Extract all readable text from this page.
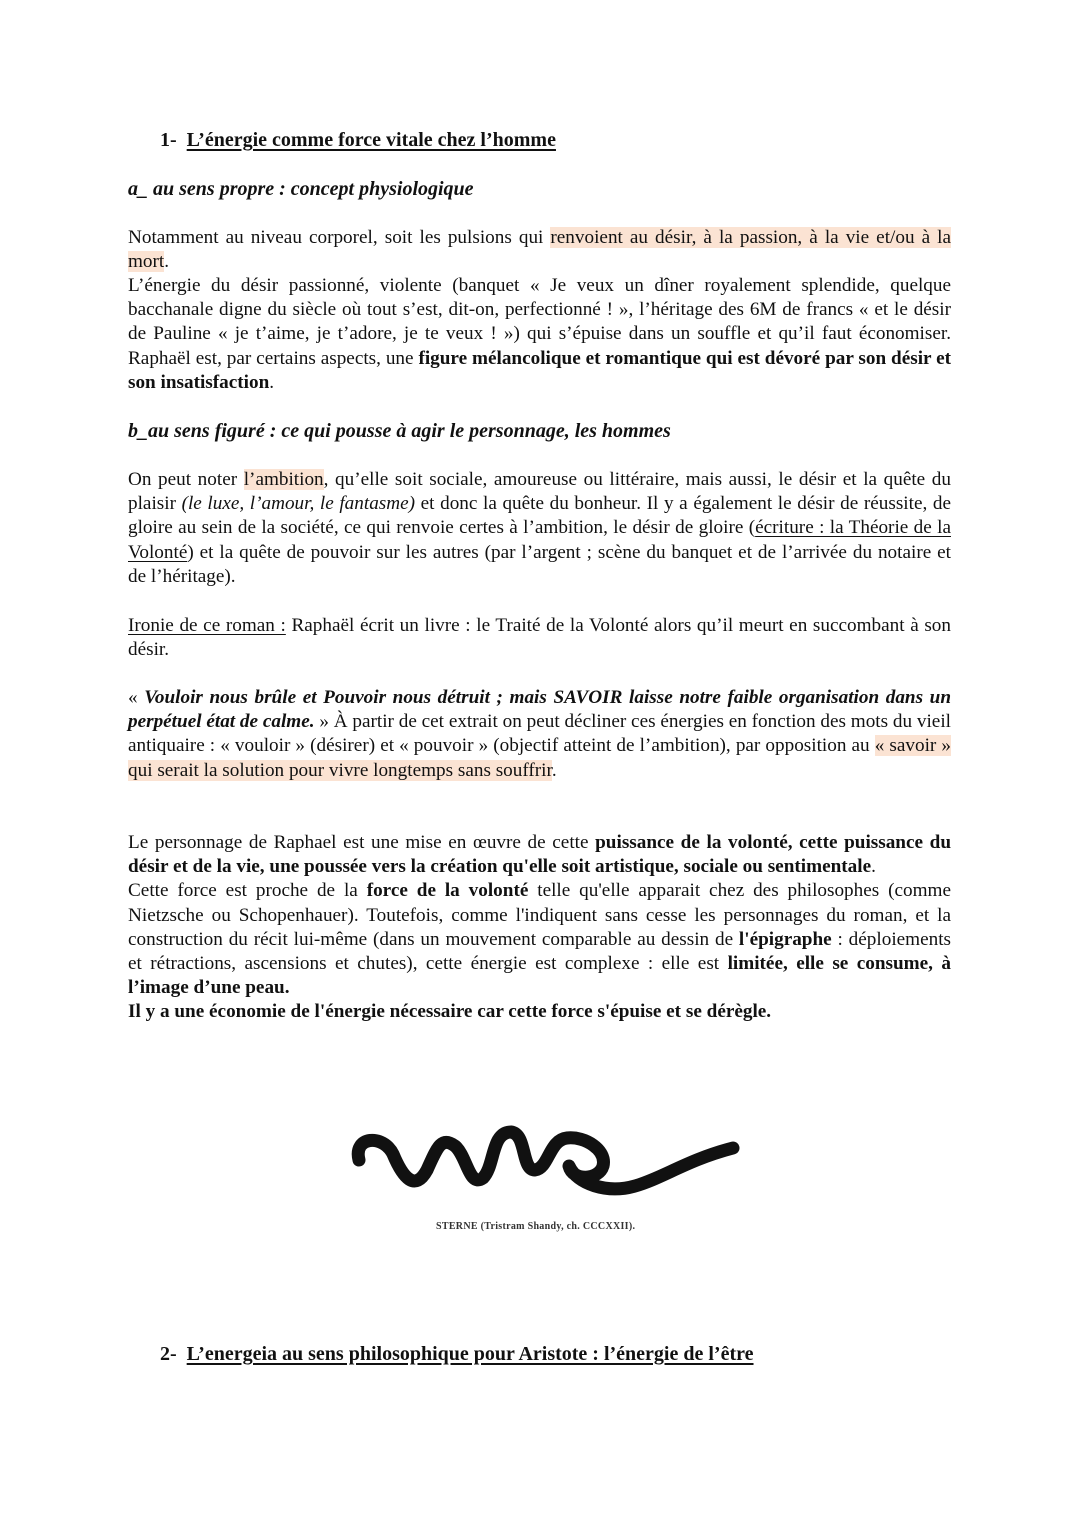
1- L’énergie comme force vitale chez l’homme
a_ au sens propre : concept physiologique
Notamment au niveau corporel, soit les pulsions qui renvoient au désir, à la passion, à la vie et/ou à la mort.
L’énergie du désir passionné, violente (banquet « Je veux un dîner royalement splendide, quelque bacchanale digne du siècle où tout s’est, dit-on, perfectionné ! », l’héritage des 6M de francs « et le désir de Pauline « je t’aime, je t’adore, je te veux ! ») qui s’épuise dans un souffle et qu’il faut économiser. Raphaël est, par certains aspects, une figure mélancolique et romantique qui est dévoré par son désir et son insatisfaction.
b_au sens figuré : ce qui pousse à agir le personnage, les hommes
On peut noter l’ambition, qu’elle soit sociale, amoureuse ou littéraire, mais aussi, le désir et la quête du plaisir (le luxe, l’amour, le fantasme) et donc la quête du bonheur. Il y a également le désir de réussite, de gloire au sein de la société, ce qui renvoie certes à l’ambition, le désir de gloire (écriture : la Théorie de la Volonté) et la quête de pouvoir sur les autres (par l’argent ; scène du banquet et de l’arrivée du notaire et de l’héritage).
Ironie de ce roman : Raphaël écrit un livre : le Traité de la Volonté alors qu’il meurt en succombant à son désir.
« Vouloir nous brûle et Pouvoir nous détruit ; mais SAVOIR laisse notre faible organisation dans un perpétuel état de calme. » À partir de cet extrait on peut décliner ces énergies en fonction des mots du vieil antiquaire : « vouloir » (désirer) et « pouvoir » (objectif atteint de l’ambition), par opposition au « savoir » qui serait la solution pour vivre longtemps sans souffrir.
Le personnage de Raphael est une mise en œuvre de cette puissance de la volonté, cette puissance du désir et de la vie, une poussée vers la création qu'elle soit artistique, sociale ou sentimentale.
Cette force est proche de la force de la volonté telle qu'elle apparait chez des philosophes (comme Nietzsche ou Schopenhauer). Toutefois, comme l'indiquent sans cesse les personnages du roman, et la construction du récit lui-même (dans un mouvement comparable au dessin de l'épigraphe : déploiements et rétractions, ascensions et chutes), cette énergie est complexe : elle est limitée, elle se consume, à l’image d’une peau.
Il y a une économie de l'énergie nécessaire car cette force s'épuise et se dérègle.
STERNE (Tristram Shandy, ch. CCCXXII).
2- L’energeia au sens philosophique pour Aristote : l’énergie de l’être
